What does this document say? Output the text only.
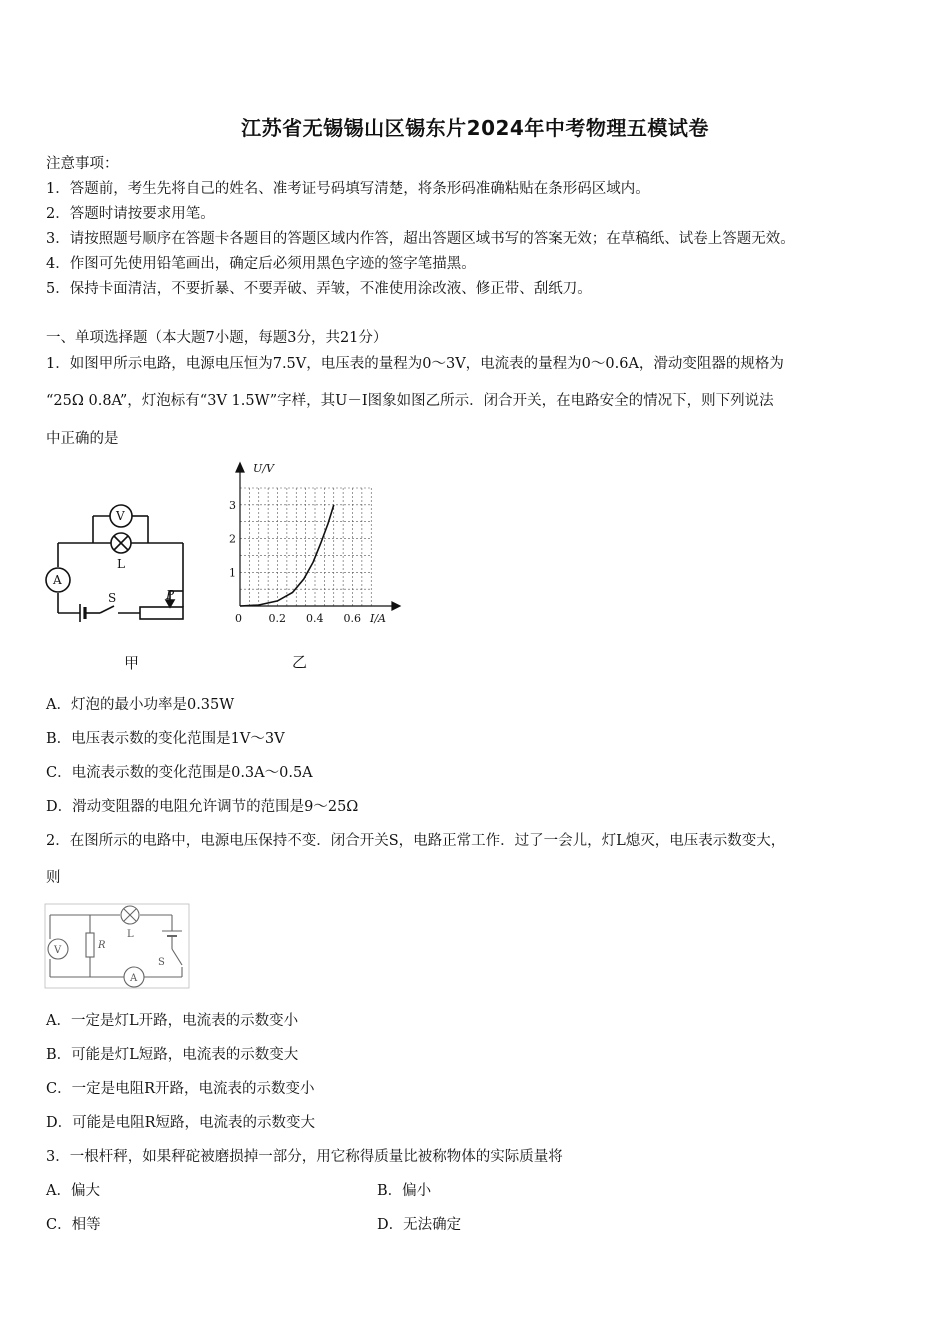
江苏省无锡锡山区锡东片2024年中考物理五模试卷
注意事项：
1．答题前，考生先将自己的姓名、准考证号码填写清楚，将条形码准确粘贴在条形码区域内。
2．答题时请按要求用笔。
3．请按照题号顺序在答题卡各题目的答题区域内作答，超出答题区域书写的答案无效；在草稿纸、试卷上答题无效。
4．作图可先使用铅笔画出，确定后必须用黑色字迹的签字笔描黑。
5．保持卡面清洁，不要折暴、不要弄破、弄皱，不准使用涂改液、修正带、刮纸刀。
一、单项选择题（本大题7小题，每题3分，共21分）
1．如图甲所示电路，电源电压恒为7.5V，电压表的量程为0～3V，电流表的量程为0～0.6A，滑动变阻器的规格为
“25Ω 0.8A”，灯泡标有“3V 1.5W”字样，其U－I图象如图乙所示．闭合开关，在电路安全的情况下，则下列说法
中正确的是
V
L
A
S	P
甲
U/V
I/A
0
1
2
3
0.2 0.4 0.6
乙
A．灯泡的最小功率是0.35W
B．电压表示数的变化范围是1V～3V
C．电流表示数的变化范围是0.3A～0.5A
D．滑动变阻器的电阻允许调节的范围是9～25Ω
2．在图所示的电路中，电源电压保持不变．闭合开关S，电路正常工作．过了一会儿，灯L熄灭，电压表示数变大，
则
V	R
L
A
S
A．一定是灯L开路，电流表的示数变小
B．可能是灯L短路，电流表的示数变大
C．一定是电阻R开路，电流表的示数变小
D．可能是电阻R短路，电流表的示数变大
3．一根杆秤，如果秤砣被磨损掉一部分，用它称得质量比被称物体的实际质量将
A．偏大	B．偏小
C．相等	D．无法确定
